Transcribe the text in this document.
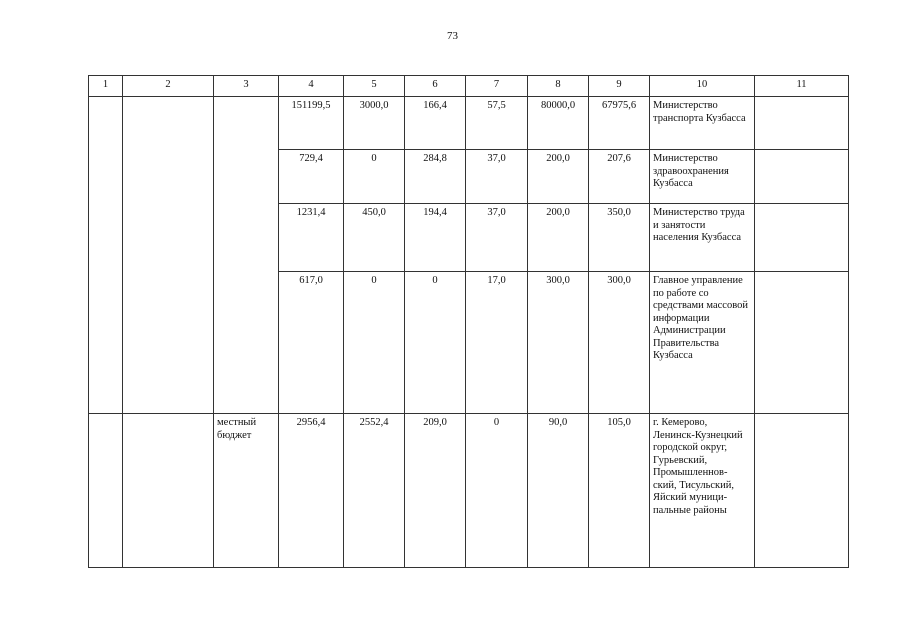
73
1	2	3	4	5	6	7	8	9	10	11
			151199,5	3000,0	166,4	57,5	80000,0	67975,6	Министерство транспорта Кузбасса	
			729,4	0	284,8	37,0	200,0	207,6	Министерство здравоохранения Кузбасса	
			1231,4	450,0	194,4	37,0	200,0	350,0	Министерство труда и занятости населения Кузбасса	
			617,0	0	0	17,0	300,0	300,0	Главное управление по работе со средствами массовой информации Администрации Правительства Кузбасса	
		местный бюджет	2956,4	2552,4	209,0	0	90,0	105,0	г. Кемерово, Ленинск-Кузнецкий городской округ, Гурьевский, Промышленнов-ский, Тисульский, Яйский муници-пальные районы	
